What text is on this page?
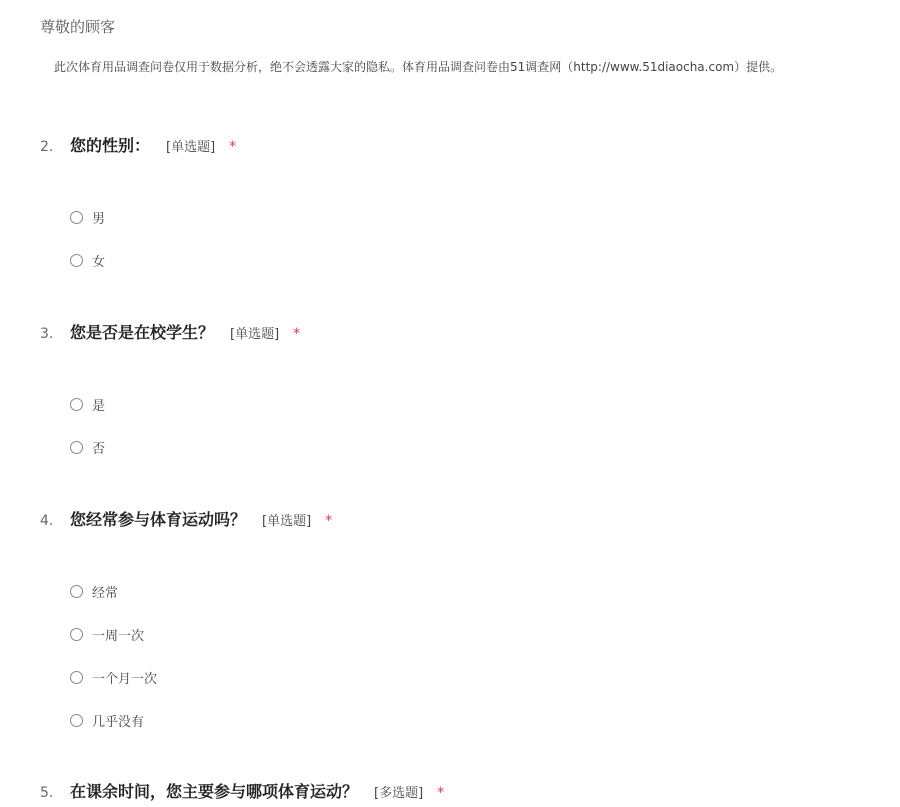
尊敬的顾客
此次体育用品调查问卷仅用于数据分析，绝不会透露大家的隐私。体育用品调查问卷由51调查网（http://www.51diaocha.com）提供。
2.	您的性别： [单选题] *
男
女
3.	您是否是在校学生？ [单选题] *
是
否
4.	您经常参与体育运动吗？ [单选题] *
经常
一周一次
一个月一次
几乎没有
5.	在课余时间，您主要参与哪项体育运动？ [多选题] *
